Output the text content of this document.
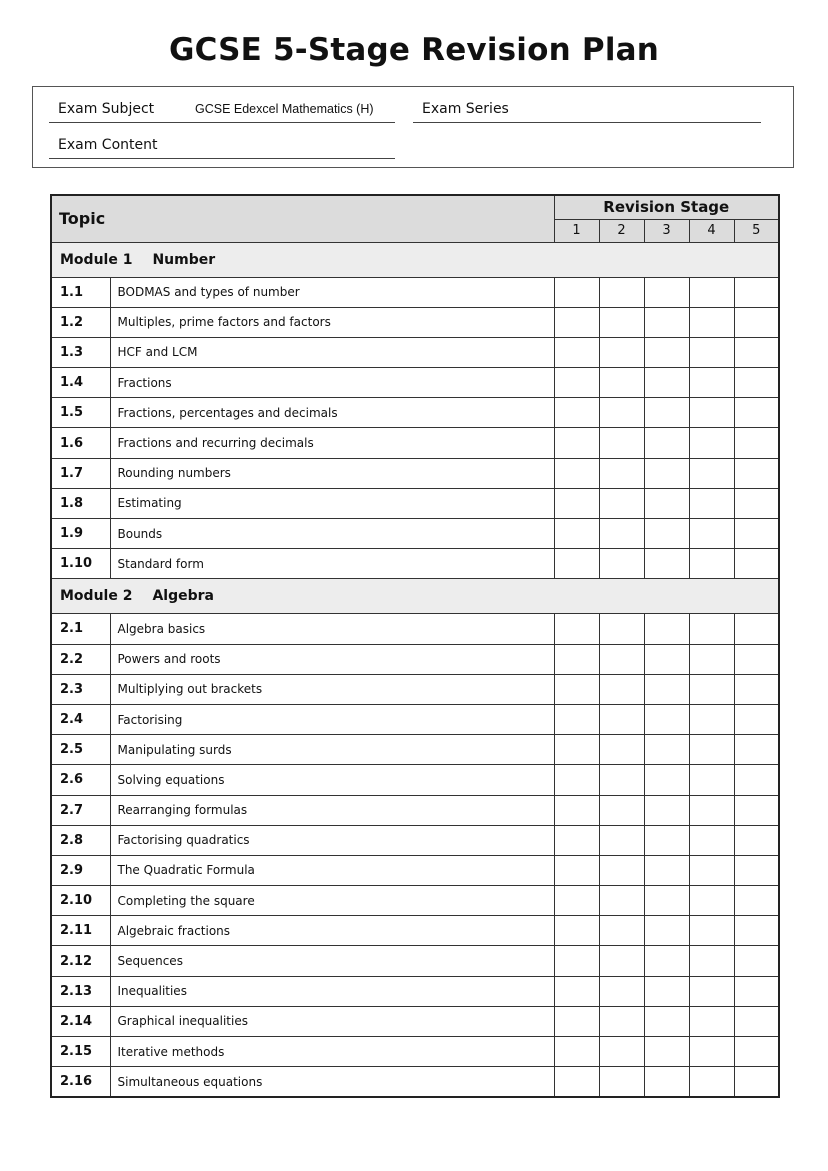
GCSE 5-Stage Revision Plan
Exam Subject	GCSE Edexcel Mathematics (H)	Exam Series
Exam Content
Topic		Revision Stage				
		1	2	3	4	5
Module 1 Number						
1.1	BODMAS and types of number					
1.2	Multiples, prime factors and factors					
1.3	HCF and LCM					
1.4	Fractions					
1.5	Fractions, percentages and decimals					
1.6	Fractions and recurring decimals					
1.7	Rounding numbers					
1.8	Estimating					
1.9	Bounds					
1.10	Standard form					
Module 2 Algebra						
2.1	Algebra basics					
2.2	Powers and roots					
2.3	Multiplying out brackets					
2.4	Factorising					
2.5	Manipulating surds					
2.6	Solving equations					
2.7	Rearranging formulas					
2.8	Factorising quadratics					
2.9	The Quadratic Formula					
2.10	Completing the square					
2.11	Algebraic fractions					
2.12	Sequences					
2.13	Inequalities					
2.14	Graphical inequalities					
2.15	Iterative methods					
2.16	Simultaneous equations					
